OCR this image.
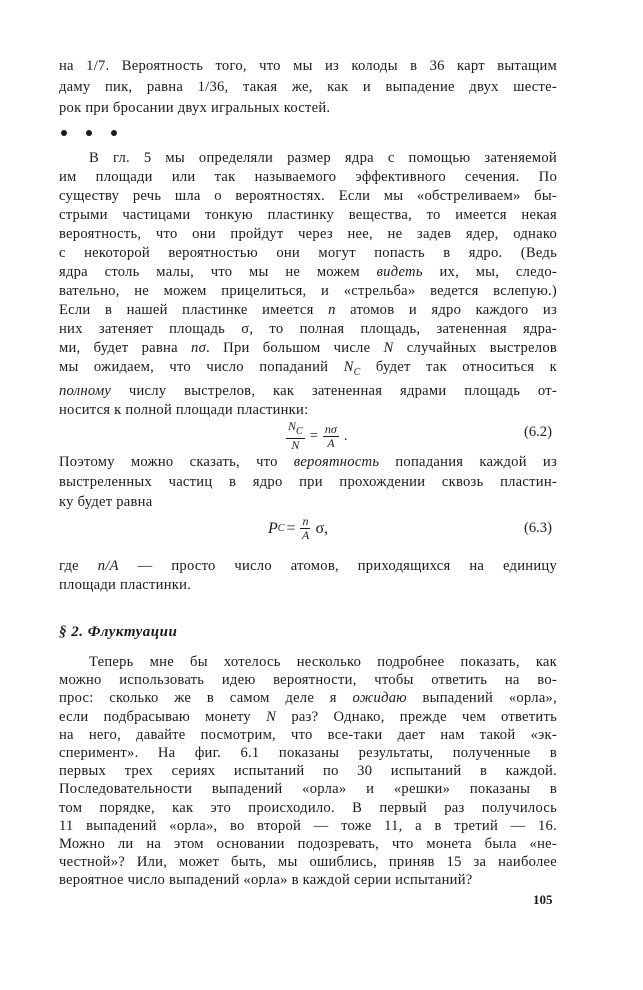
на 1/7. Вероятность того, что мы из колоды в 36 карт вытащим
даму пик, равна 1/36, такая же, как и выпадение двух шесте-
рок при бросании двух игральных костей.
В гл. 5 мы определяли размер ядра с помощью затеняемой
им площади или так называемого эффективного сечения. По
существу речь шла о вероятностях. Если мы «обстреливаем» бы-
стрыми частицами тонкую пластинку вещества, то имеется некая
вероятность, что они пройдут через нее, не задев ядер, однако
с некоторой вероятностью они могут попасть в ядро. (Ведь
ядра столь малы, что мы не можем видеть их, мы, следо-
вательно, не можем прицелиться, и «стрельба» ведется вслепую.)
Если в нашей пластинке имеется n атомов и ядро каждого из
них затеняет площадь σ, то полная площадь, затененная ядра-
ми, будет равна nσ. При большом числе N случайных выстрелов
мы ожидаем, что число попаданий $N_C$ будет так относиться к
полному числу выстрелов, как затененная ядрами площадь от-
носится к полной площади пластинки:
$\frac{N_C}{N} = \frac{n\sigma}{A}$ .	(6.2)
Поэтому можно сказать, что вероятность попадания каждой из
выстреленных частиц в ядро при прохождении сквозь пластин-
ку будет равна
P $C = \frac{n}{A} \sigma$,	(6.3)
где n/A — просто число атомов, приходящихся на единицу
площади пластинки.
§ 2. Флуктуации
Теперь мне бы хотелось несколько подробнее показать, как
можно использовать идею вероятности, чтобы ответить на во-
прос: сколько же в самом деле я ожидаю выпадений «орла»,
если подбрасываю монету N раз? Однако, прежде чем ответить
на него, давайте посмотрим, что все-таки дает нам такой «эк-
сперимент». На фиг. 6.1 показаны результаты, полученные в
первых трех сериях испытаний по 30 испытаний в каждой.
Последовательности выпадений «орла» и «решки» показаны в
том порядке, как это происходило. В первый раз получилось
11 выпадений «орла», во второй — тоже 11, а в третий — 16.
Можно ли на этом основании подозревать, что монета была «не-
честной»? Или, может быть, мы ошиблись, приняв 15 за наиболее
вероятное число выпадений «орла» в каждой серии испытаний?
105
